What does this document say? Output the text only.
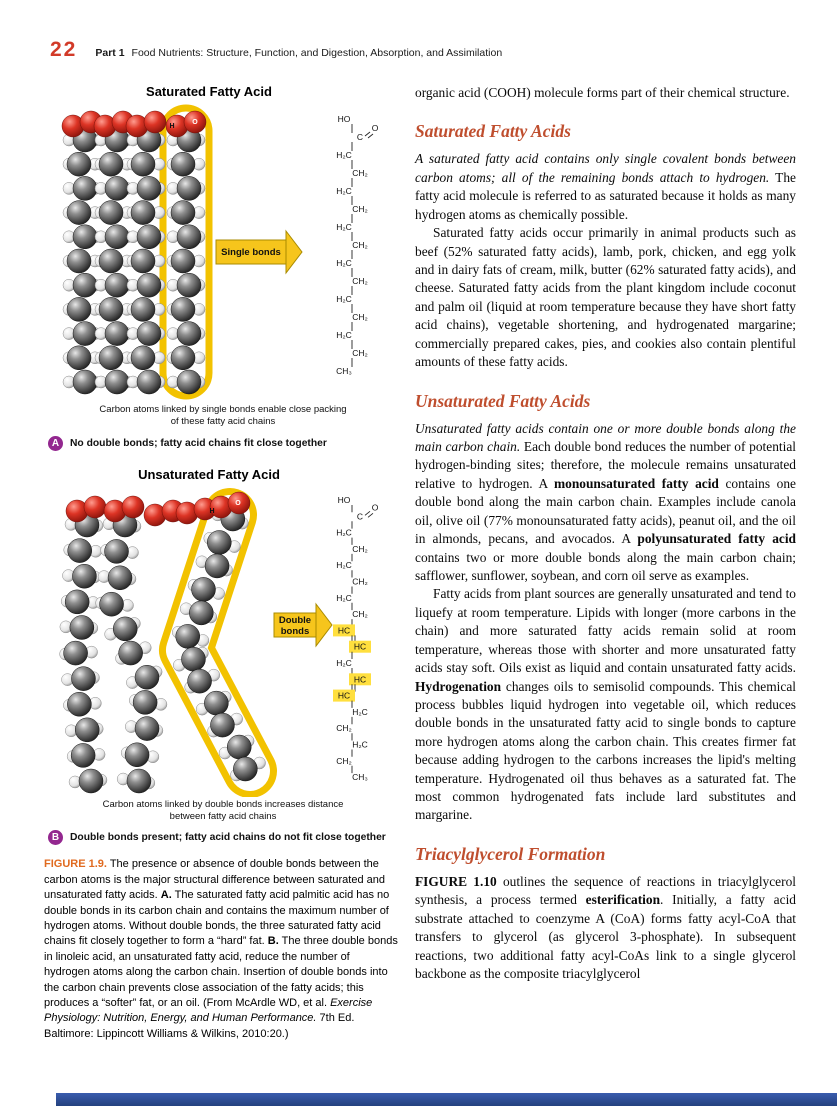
22 Part 1 Food Nutrients: Structure, Function, and Digestion, Absorption, and Assimilation
Saturated Fatty Acid
H
O
Single bonds
HO
C
O
H₂C
CH₂
H₂C
CH₂
H₂C
CH₂
H₂C
CH₂
H₂C
CH₂
H₂C
CH₂
CH₃
Carbon atoms linked by single bonds enable close packing of these fatty acid chains
A	No double bonds; fatty acid chains fit close together
Unsaturated Fatty Acid
H
O
Double
bonds
HO
C
O
H₂C
CH₂
H₂C
CH₂
H₂C
CH₂
HC
HC
H₂C
HC
HC
H₂C
CH₂
H₂C
CH₂
CH₃
Carbon atoms linked by double bonds increases distance between fatty acid chains
B	Double bonds present; fatty acid chains do not fit close together

FIGURE 1.9. The presence or absence of double bonds between the carbon atoms is the major structural difference between saturated and unsaturated fatty acids. A. The saturated fatty acid palmitic acid has no double bonds in its carbon chain and contains the maximum number of hydrogen atoms. Without double bonds, the three saturated fatty acid chains fit closely together to form a “hard” fat. B. The three double bonds in linoleic acid, an unsaturated fatty acid, reduce the number of hydrogen atoms along the carbon chain. Insertion of double bonds into the carbon chain prevents close association of the fatty acids; this produces a “softer” fat, or an oil. (From McArdle WD, et al. Exercise Physiology: Nutrition, Energy, and Human Performance. 7th Ed. Baltimore: Lippincott Williams & Wilkins, 2010:20.)

organic acid (COOH) molecule forms part of their chemical structure.

Saturated Fatty Acids

A saturated fatty acid contains only single covalent bonds between carbon atoms; all of the remaining bonds attach to hydrogen. The fatty acid molecule is referred to as saturated because it holds as many hydrogen atoms as chemically possible.

Saturated fatty acids occur primarily in animal products such as beef (52% saturated fatty acids), lamb, pork, chicken, and egg yolk and in dairy fats of cream, milk, butter (62% saturated fatty acids), and cheese. Saturated fatty acids from the plant kingdom include coconut and palm oil (liquid at room temperature because they have short fatty acid chains), vegetable shortening, and hydrogenated margarine; commercially prepared cakes, pies, and cookies also contain plentiful amounts of these fatty acids.

Unsaturated Fatty Acids

Unsaturated fatty acids contain one or more double bonds along the main carbon chain. Each double bond reduces the number of potential hydrogen-binding sites; therefore, the molecule remains unsaturated relative to hydrogen. A monounsaturated fatty acid contains one double bond along the main carbon chain. Examples include canola oil, olive oil (77% monounsaturated fatty acids), peanut oil, and the oil in almonds, pecans, and avocados. A polyunsaturated fatty acid contains two or more double bonds along the main carbon chain; safflower, sunflower, soybean, and corn oil serve as examples.

Fatty acids from plant sources are generally unsaturated and tend to liquefy at room temperature. Lipids with longer (more carbons in the chain) and more saturated fatty acids remain solid at room temperature, whereas those with shorter and more unsaturated fatty acids stay soft. Oils exist as liquid and contain unsaturated fatty acids. Hydrogenation changes oils to semisolid compounds. This chemical process bubbles liquid hydrogen into vegetable oil, which reduces double bonds in the unsaturated fatty acid to single bonds to capture more hydrogen atoms along the carbon chain. This creates firmer fat because adding hydrogen to the carbons increases the lipid's melting temperature. Hydrogenated oil thus behaves as a saturated fat. The most common hydrogenated fats include lard substitutes and margarine.

Triacylglycerol Formation

FIGURE 1.10 outlines the sequence of reactions in triacylglycerol synthesis, a process termed esterification. Initially, a fatty acid substrate attached to coenzyme A (CoA) forms fatty acyl-CoA that transfers to glycerol (as glycerol 3-phosphate). In subsequent reactions, two additional fatty acyl-CoAs link to a single glycerol backbone as the composite triacylglycerol
